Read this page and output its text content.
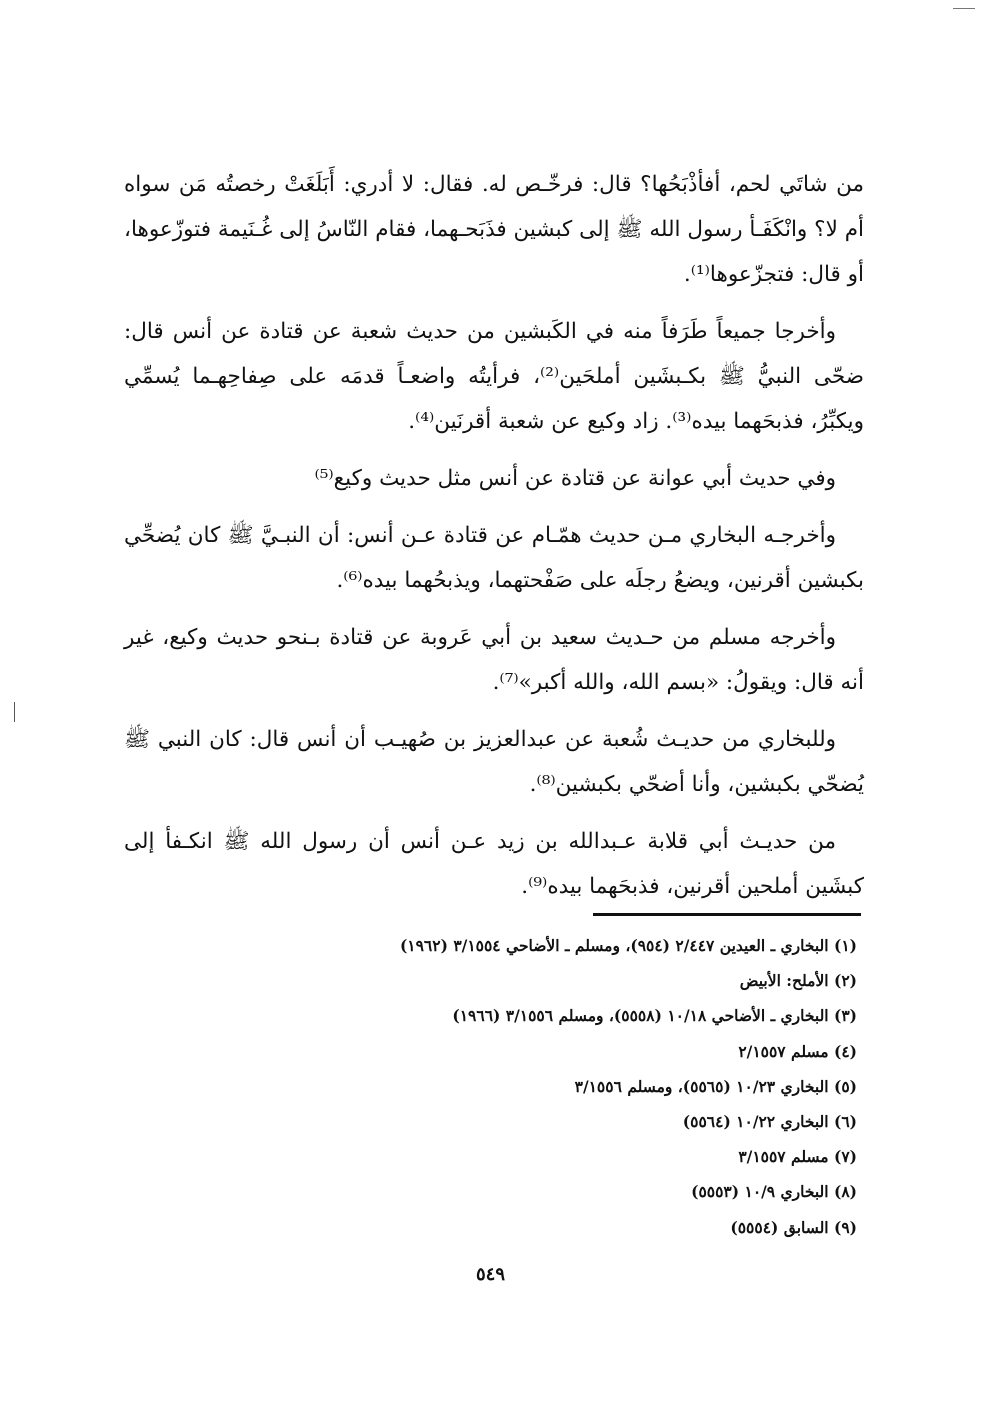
من شاتَي لحم، أفأذْبَحُها؟ قال: فرخّـص له. فقال: لا أدري: أَبَلَغَتْ رخصتُه مَن سواه أم لا؟ وانْكَفَـأ رسول الله ﷺ إلى كبشين فذَبَحـهما، فقام النّاسُ إلى غُـنَيمة فتوزّعوها، أو قال: فتجزّعوها⁽¹⁾.

وأخرجا جميعاً طَرَفاً منه في الكَبشين من حديث شعبة عن قتادة عن أنس قال: ضحّى النبيُّ ﷺ بكـبشَين أملحَين⁽²⁾، فرأيتُه واضعـاً قدمَه على صِفاحِهـما يُسمِّي ويكبِّرُ، فذبحَهما بيده⁽³⁾. زاد وكيع عن شعبة أقرنَين⁽⁴⁾.

وفي حديث أبي عوانة عن قتادة عن أنس مثل حديث وكيع⁽⁵⁾

وأخرجـه البخاري مـن حديث همّـام عن قتادة عـن أنس: أن النبـيَّ ﷺ كان يُضحِّي بكبشين أقرنين، ويضعُ رجلَه على صَفْحتهما، ويذبحُهما بيده⁽⁶⁾.

وأخرجه مسلم من حـديث سعيد بن أبي عَروبة عن قتادة بـنحو حديث وكيع، غير أنه قال: ويقولُ: «بسم الله، والله أكبر»⁽⁷⁾.

وللبخاري من حديـث شُعبة عن عبدالعزيز بن صُهيـب أن أنس قال: كان النبي ﷺ يُضحّي بكبشين، وأنا أضحّي بكبشين⁽⁸⁾.

من حديـث أبي قلابة عـبدالله بن زيد عـن أنس أن رسول الله ﷺ انكـفأ إلى كبشَين أملحين أقرنين، فذبحَهما بيده⁽⁹⁾.

(١) البخاري ـ العيدين ٢/٤٤٧ (٩٥٤)، ومسلم ـ الأضاحي ٣/١٥٥٤ (١٩٦٢)
(٢) الأملح: الأبيض
(٣) البخاري ـ الأضاحي ١٠/١٨ (٥٥٥٨)، ومسلم ٣/١٥٥٦ (١٩٦٦)
(٤) مسلم ٢/١٥٥٧
(٥) البخاري ١٠/٢٣ (٥٥٦٥)، ومسلم ٣/١٥٥٦
(٦) البخاري ١٠/٢٢ (٥٥٦٤)
(٧) مسلم ٣/١٥٥٧
(٨) البخاري ١٠/٩ (٥٥٥٣)
(٩) السابق (٥٥٥٤)
٥٤٩
